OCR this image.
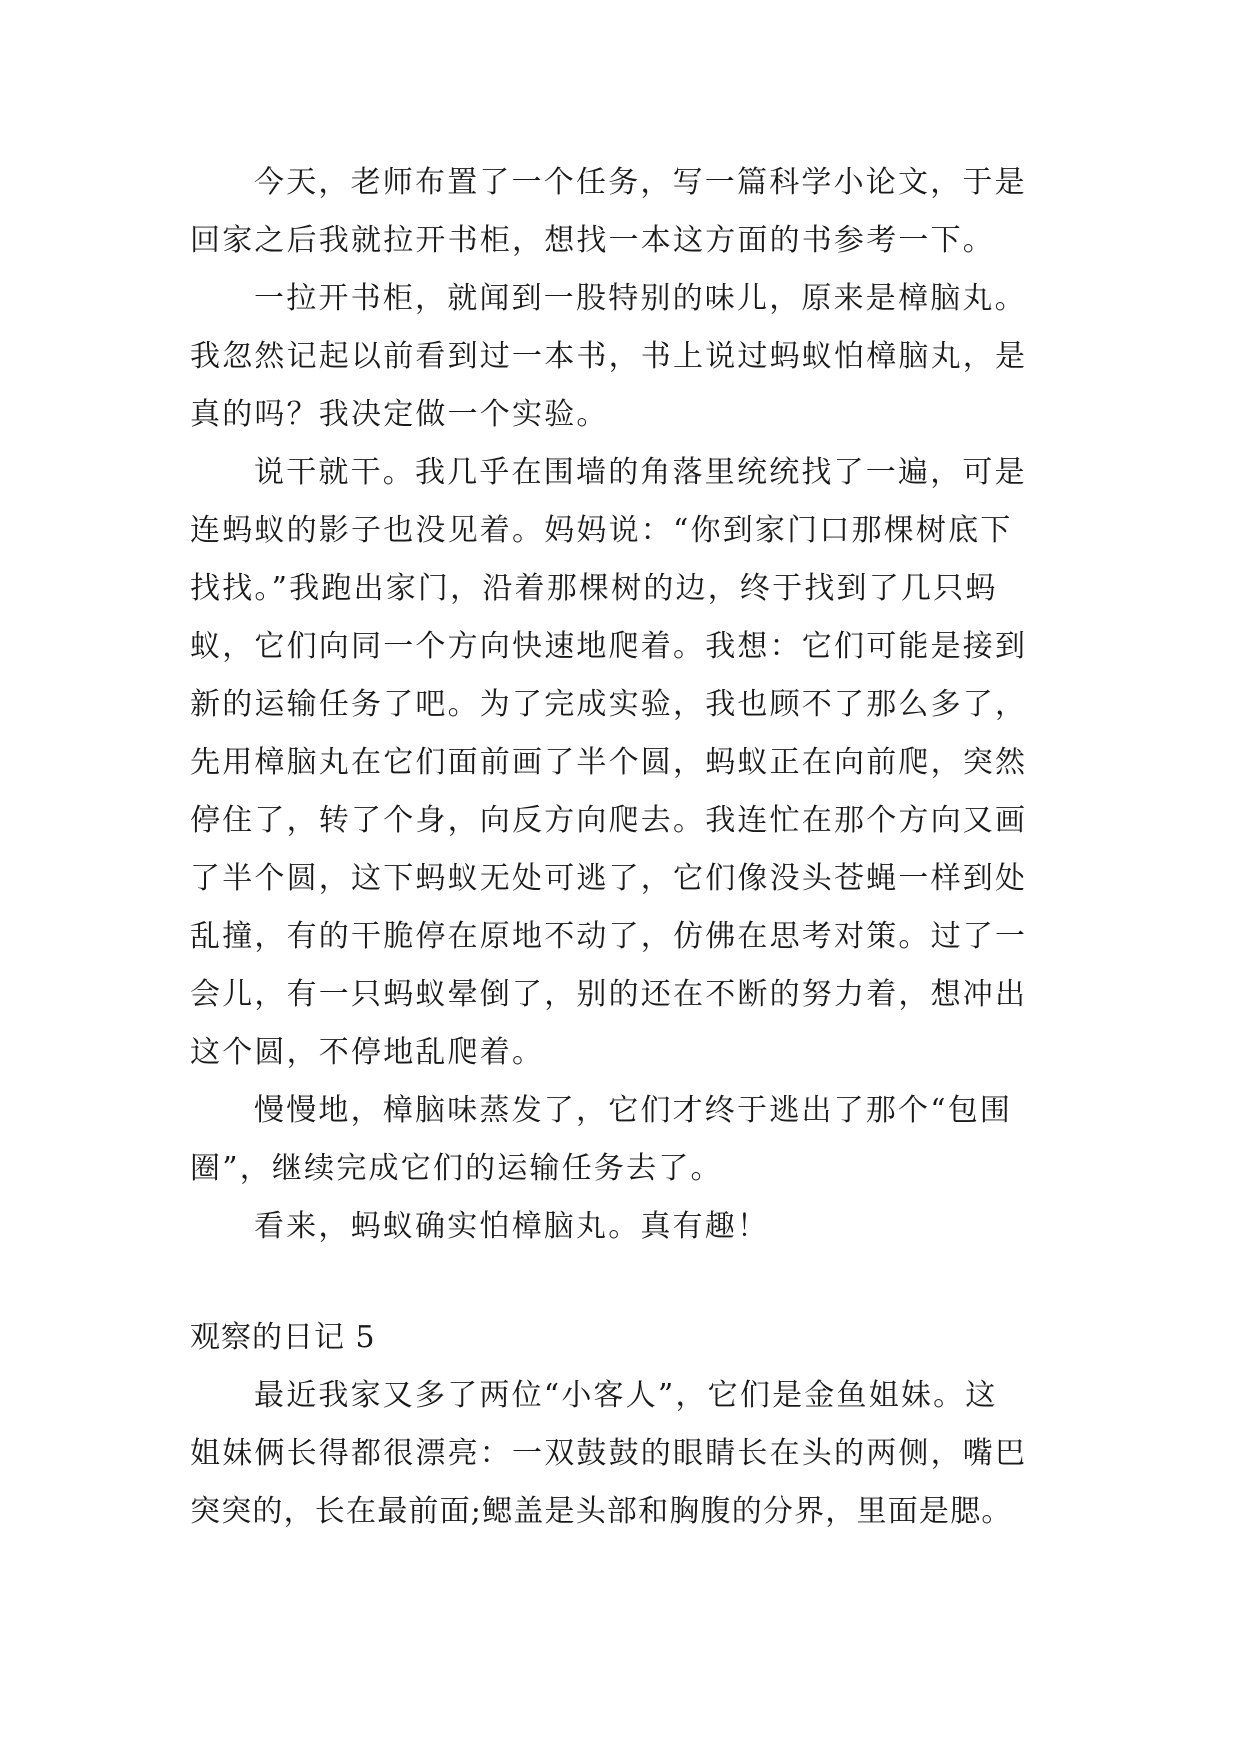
今天，老师布置了一个任务，写一篇科学小论文，于是
回家之后我就拉开书柜，想找一本这方面的书参考一下。
一拉开书柜，就闻到一股特别的味儿，原来是樟脑丸。
我忽然记起以前看到过一本书，书上说过蚂蚁怕樟脑丸，是
真的吗？我决定做一个实验。
说干就干。我几乎在围墙的角落里统统找了一遍，可是
连蚂蚁的影子也没见着。妈妈说：“你到家门口那棵树底下
找找。”我跑出家门，沿着那棵树的边，终于找到了几只蚂
蚁，它们向同一个方向快速地爬着。我想：它们可能是接到
新的运输任务了吧。为了完成实验，我也顾不了那么多了，
先用樟脑丸在它们面前画了半个圆，蚂蚁正在向前爬，突然
停住了，转了个身，向反方向爬去。我连忙在那个方向又画
了半个圆，这下蚂蚁无处可逃了，它们像没头苍蝇一样到处
乱撞，有的干脆停在原地不动了，仿佛在思考对策。过了一
会儿，有一只蚂蚁晕倒了，别的还在不断的努力着，想冲出
这个圆，不停地乱爬着。
慢慢地，樟脑味蒸发了，它们才终于逃出了那个“包围
圈”，继续完成它们的运输任务去了。
看来，蚂蚁确实怕樟脑丸。真有趣！
观察的日记 5
最近我家又多了两位“小客人”，它们是金鱼姐妹。这
姐妹俩长得都很漂亮：一双鼓鼓的眼睛长在头的两侧，嘴巴
突突的，长在最前面;鳃盖是头部和胸腹的分界，里面是腮。
